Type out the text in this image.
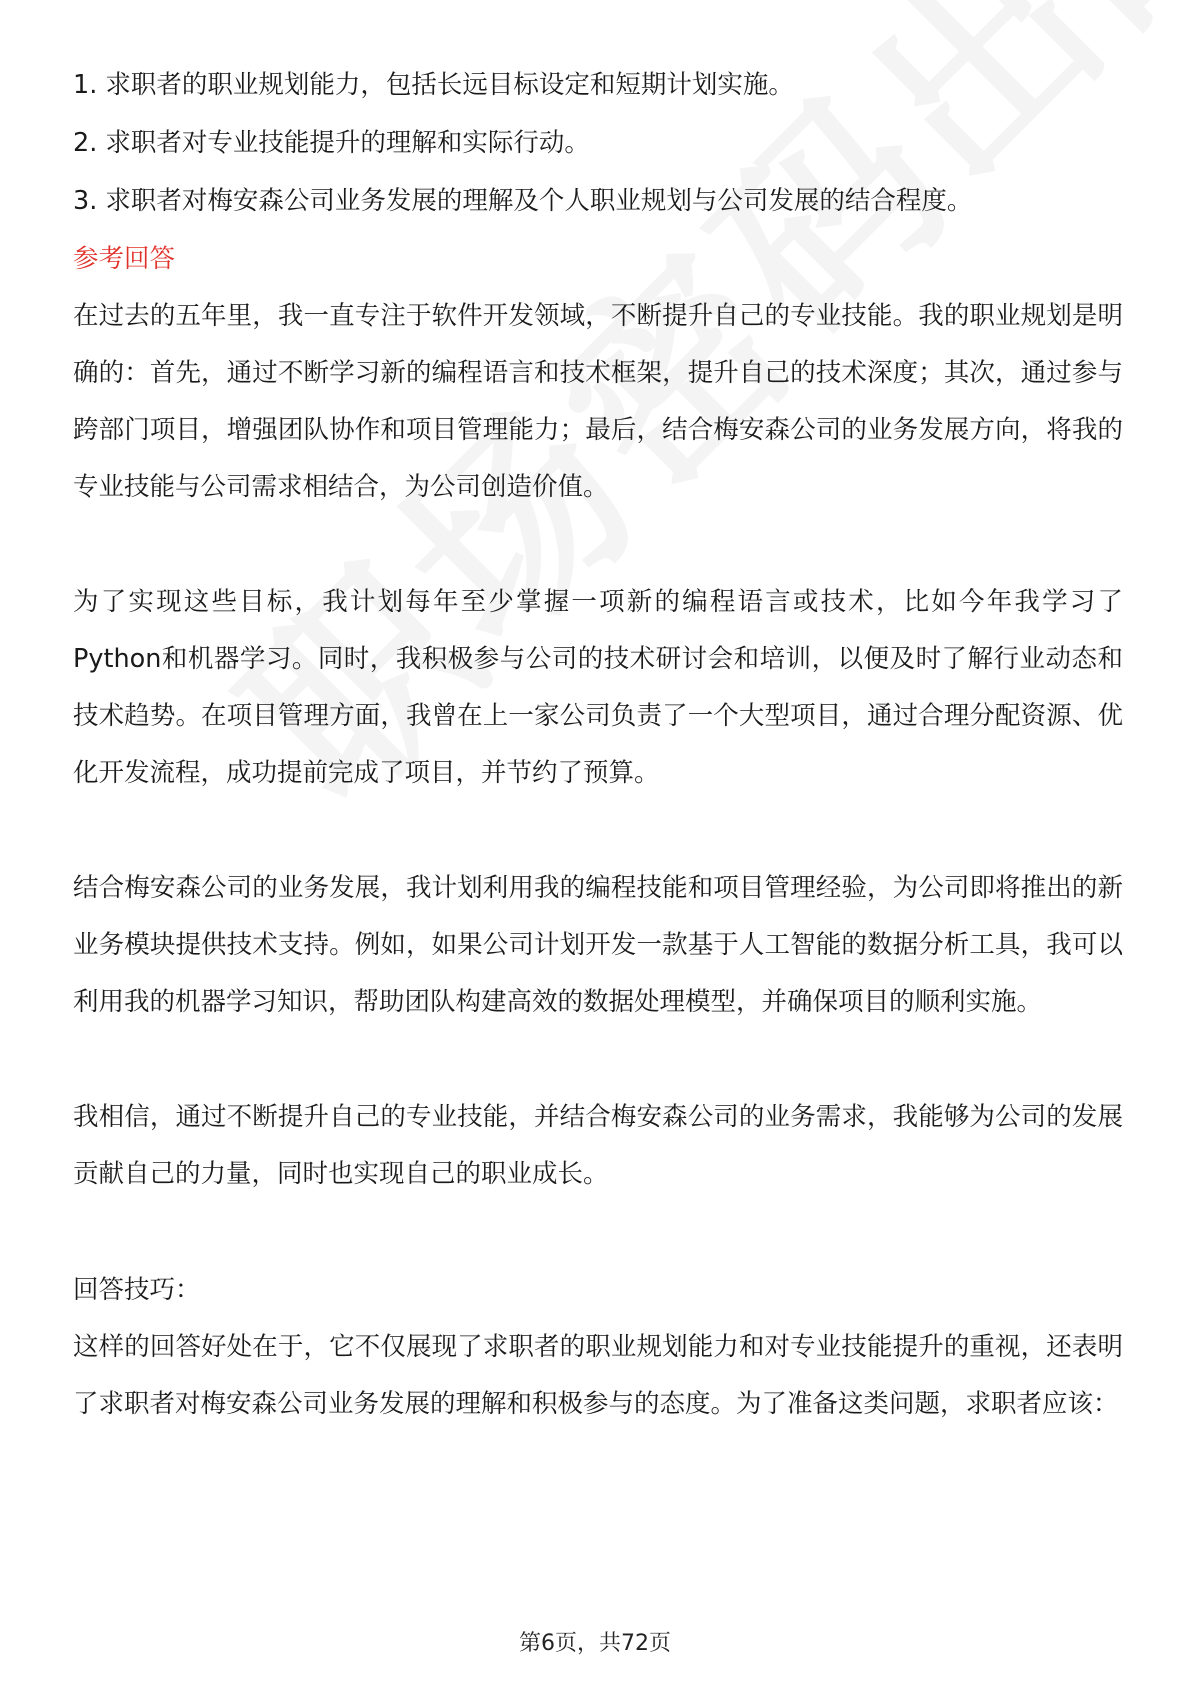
1. 求职者的职业规划能力，包括长远目标设定和短期计划实施。

2. 求职者对专业技能提升的理解和实际行动。

3. 求职者对梅安森公司业务发展的理解及个人职业规划与公司发展的结合程度。

参考回答

在过去的五年里，我一直专注于软件开发领域，不断提升自己的专业技能。我的职业规划是明确的：首先，通过不断学习新的编程语言和技术框架，提升自己的技术深度；其次，通过参与跨部门项目，增强团队协作和项目管理能力；最后，结合梅安森公司的业务发展方向，将我的专业技能与公司需求相结合，为公司创造价值。

为了实现这些目标，我计划每年至少掌握一项新的编程语言或技术，比如今年我学习了Python和机器学习。同时，我积极参与公司的技术研讨会和培训，以便及时了解行业动态和技术趋势。在项目管理方面，我曾在上一家公司负责了一个大型项目，通过合理分配资源、优化开发流程，成功提前完成了项目，并节约了预算。

结合梅安森公司的业务发展，我计划利用我的编程技能和项目管理经验，为公司即将推出的新业务模块提供技术支持。例如，如果公司计划开发一款基于人工智能的数据分析工具，我可以利用我的机器学习知识，帮助团队构建高效的数据处理模型，并确保项目的顺利实施。

我相信，通过不断提升自己的专业技能，并结合梅安森公司的业务需求，我能够为公司的发展贡献自己的力量，同时也实现自己的职业成长。

回答技巧：

这样的回答好处在于，它不仅展现了求职者的职业规划能力和对专业技能提升的重视，还表明了求职者对梅安森公司业务发展的理解和积极参与的态度。为了准备这类问题，求职者应该：

第6页，共72页
